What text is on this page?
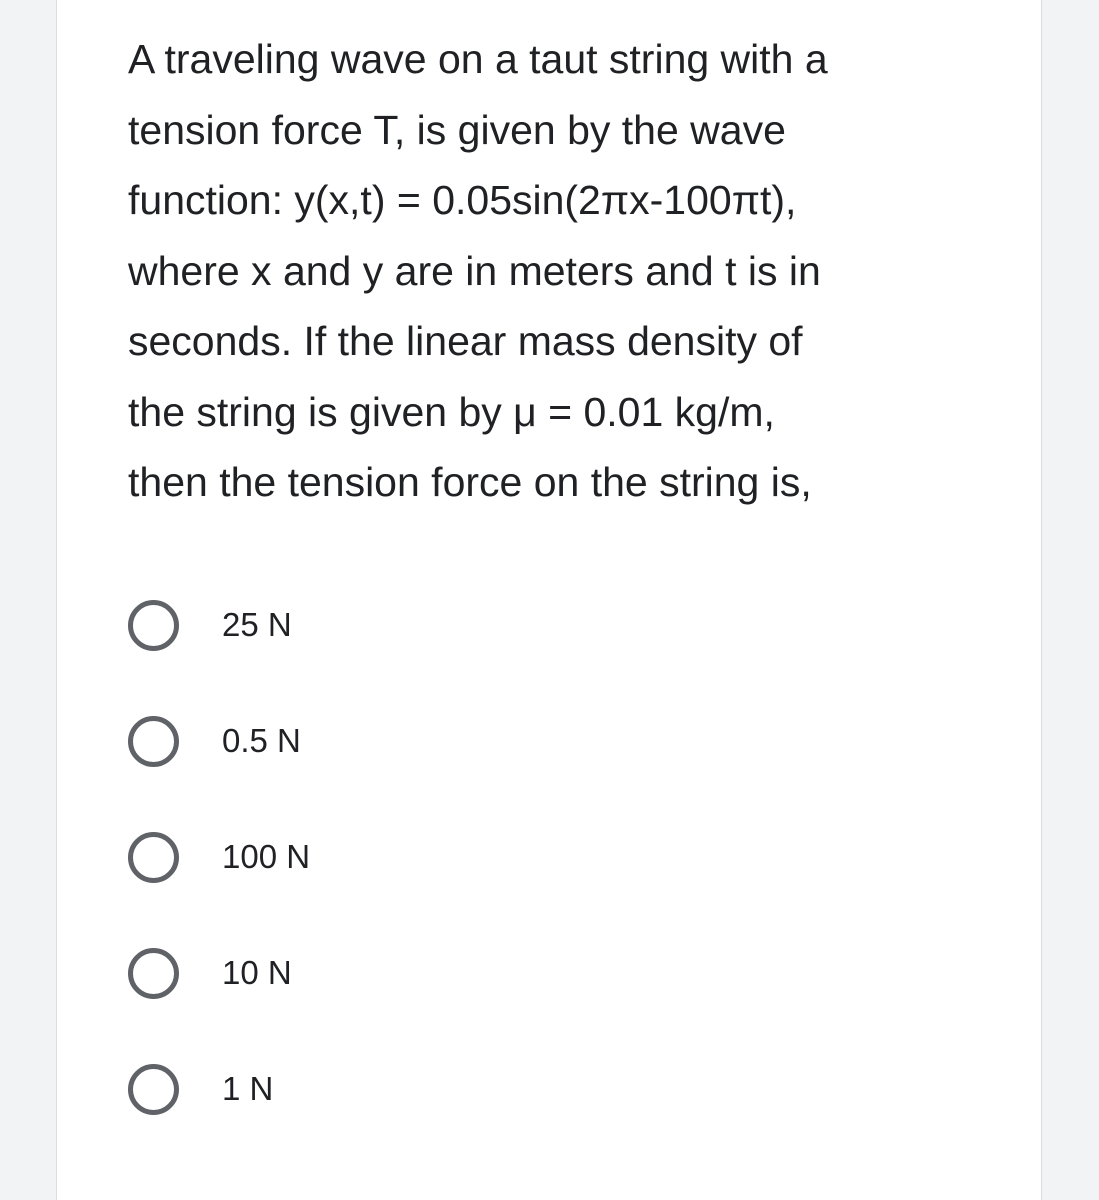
A traveling wave on a taut string with a
tension force T, is given by the wave
function: y(x,t) = 0.05sin(2πx-100πt),
where x and y are in meters and t is in
seconds. If the linear mass density of
the string is given by μ = 0.01 kg/m,
then the tension force on the string is,

25 N
0.5 N
100 N
10 N
1 N
